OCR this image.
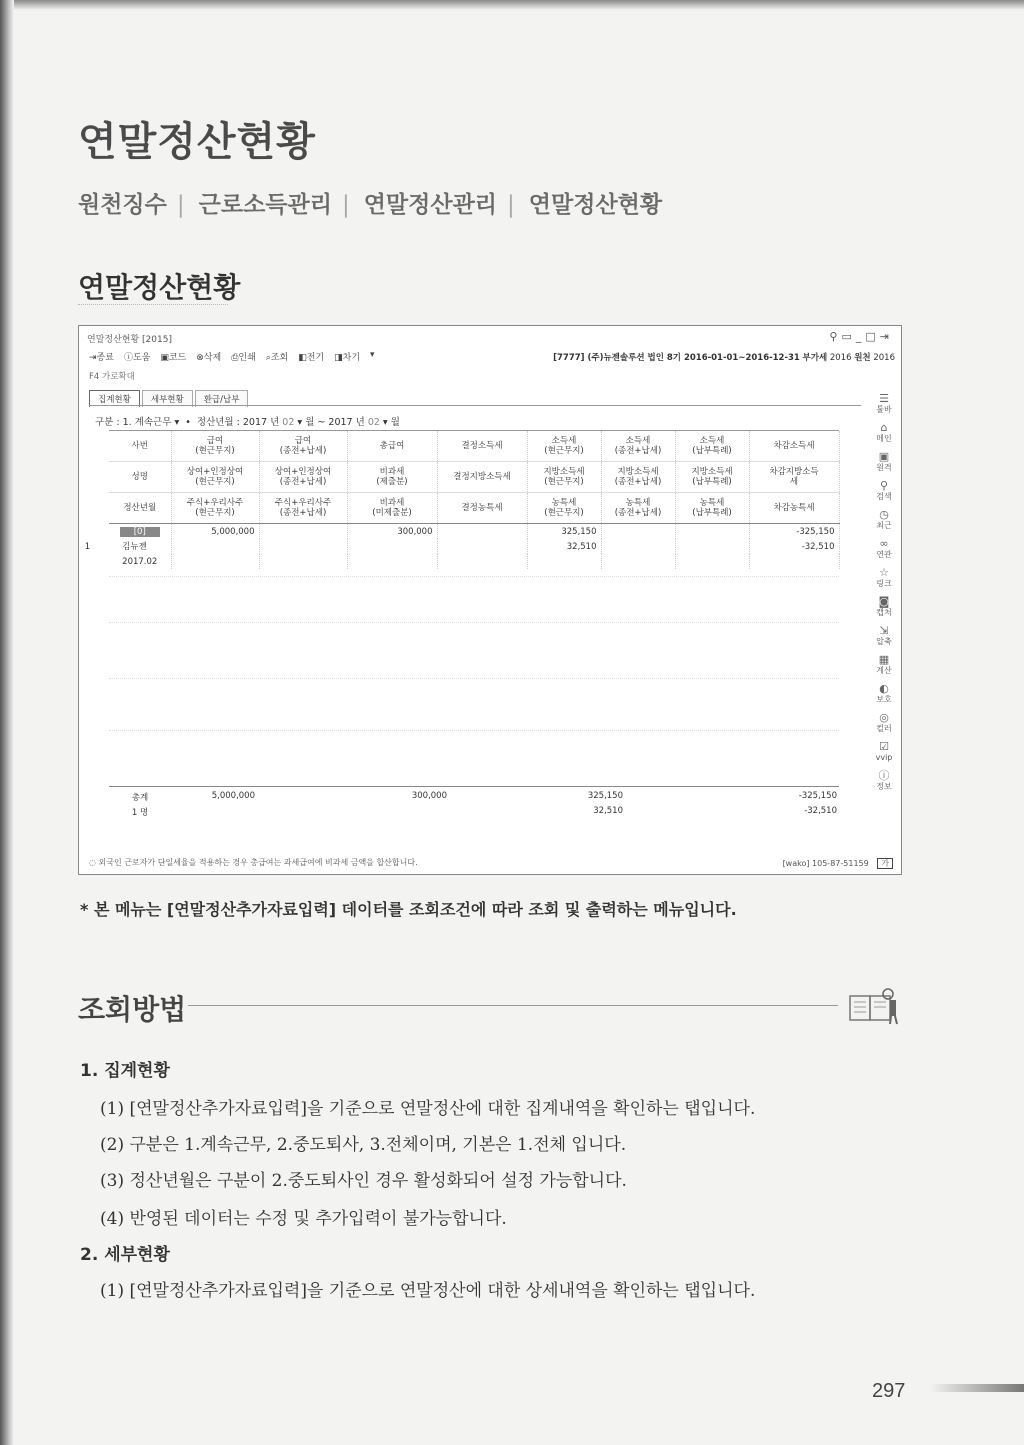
연말정산현황
원천징수 | 근로소득관리 | 연말정산관리 | 연말정산현황
연말정산현황
연말정산현황 [2015]	⚲▭_□⇥
⇥종료 ⓘ도움 ▣코드 ⊗삭제 ⎙인쇄 ⌕조회 ◧전기 ◨차기 ▾	[7777] (주)뉴젠솔루션 법인 8기 2016-01-01~2016-12-31 부가세 2016 원천 2016
F4 가로확대
집계현황	세부현황	환급/납부
구분 : 1. 계속근무 ▾  •  정산년월 : 2017 년 02 ▾ 월 ~ 2017 년 02 ▾ 월
사번	급여
(현근무지)	급여
(종전+납세)	총급여	결정소득세	소득세
(현근무지)	소득세
(종전+납세)	소득세
(납부특례)	차감소득세
성명	상여+인정상여
(현근무지)	상여+인정상여
(종전+납세)	비과세
(제출분)	결정지방소득세	지방소득세
(현근무지)	지방소득세
(종전+납세)	지방소득세
(납부특례)	차감지방소득
세
정산년월	주식+우리사주
(현근무지)	주식+우리사주
(종전+납세)	비과세
(미제출분)	결정농특세	농특세
(현근무지)	농특세
(종전+납세)	농특세
(납부특례)	차감농특세
[0]	5,000,000		300,000		325,150			-325,150
1 김뉴젠					32,510			-32,510
2017.02								
총계	5,000,000	300,000	325,150	-325,150
1 명	32,510	-32,510
☰
툴바
⌂
메인
▣
원격
⚲
검색
◷
최근
∞
연관
☆
링크
◙
캡처
⇲
압축
▦
계산
◐
보호
◎
컬러
☑
vvip
ⓘ
정보
◌ 외국인 근로자가 단일세율을 적용하는 경우 총급여는 과세급여에 비과세 금액을 합산합니다.	[wako] 105-87-51159 가
* 본 메뉴는 [연말정산추가자료입력] 데이터를 조회조건에 따라 조회 및 출력하는 메뉴입니다.
조회방법
1. 집계현황
(1) [연말정산추가자료입력]을 기준으로 연말정산에 대한 집계내역을 확인하는 탭입니다.
(2) 구분은 1.계속근무, 2.중도퇴사, 3.전체이며, 기본은 1.전체 입니다.
(3) 정산년월은 구분이 2.중도퇴사인 경우 활성화되어 설정 가능합니다.
(4) 반영된 데이터는 수정 및 추가입력이 불가능합니다.
2. 세부현황
(1) [연말정산추가자료입력]을 기준으로 연말정산에 대한 상세내역을 확인하는 탭입니다.
297
